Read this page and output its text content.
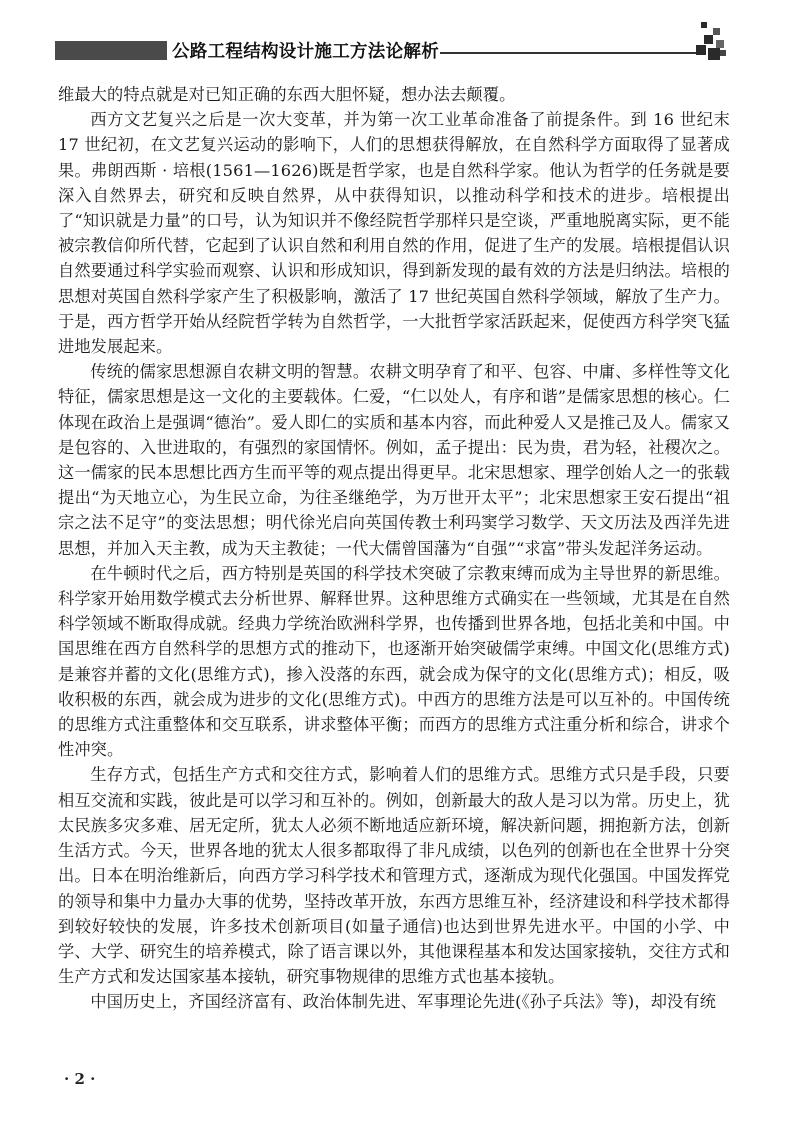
公路工程结构设计施工方法论解析

维最大的特点就是对已知正确的东西大胆怀疑，想办法去颠覆。

西方文艺复兴之后是一次大变革，并为第一次工业革命准备了前提条件。到 16 世纪末 17 世纪初，在文艺复兴运动的影响下，人们的思想获得解放，在自然科学方面取得了显著成果。弗朗西斯 · 培根(1561—1626)既是哲学家，也是自然科学家。他认为哲学的任务就是要深入自然界去，研究和反映自然界，从中获得知识，以推动科学和技术的进步。培根提出了“知识就是力量”的口号，认为知识并不像经院哲学那样只是空谈，严重地脱离实际，更不能被宗教信仰所代替，它起到了认识自然和利用自然的作用，促进了生产的发展。培根提倡认识自然要通过科学实验而观察、认识和形成知识，得到新发现的最有效的方法是归纳法。培根的思想对英国自然科学家产生了积极影响，激活了 17 世纪英国自然科学领域，解放了生产力。于是，西方哲学开始从经院哲学转为自然哲学，一大批哲学家活跃起来，促使西方科学突飞猛进地发展起来。

传统的儒家思想源自农耕文明的智慧。农耕文明孕育了和平、包容、中庸、多样性等文化特征，儒家思想是这一文化的主要载体。仁爱，“仁以处人，有序和谐”是儒家思想的核心。仁体现在政治上是强调“德治”。爱人即仁的实质和基本内容，而此种爱人又是推己及人。儒家又是包容的、入世进取的，有强烈的家国情怀。例如，孟子提出：民为贵，君为轻，社稷次之。这一儒家的民本思想比西方生而平等的观点提出得更早。北宋思想家、理学创始人之一的张载提出“为天地立心，为生民立命，为往圣继绝学，为万世开太平”；北宋思想家王安石提出“祖宗之法不足守”的变法思想；明代徐光启向英国传教士利玛窦学习数学、天文历法及西洋先进思想，并加入天主教，成为天主教徒；一代大儒曾国藩为“自强”“求富”带头发起洋务运动。

在牛顿时代之后，西方特别是英国的科学技术突破了宗教束缚而成为主导世界的新思维。科学家开始用数学模式去分析世界、解释世界。这种思维方式确实在一些领域，尤其是在自然科学领域不断取得成就。经典力学统治欧洲科学界，也传播到世界各地，包括北美和中国。中国思维在西方自然科学的思想方式的推动下，也逐渐开始突破儒学束缚。中国文化(思维方式)是兼容并蓄的文化(思维方式)，掺入没落的东西，就会成为保守的文化(思维方式)；相反，吸收积极的东西，就会成为进步的文化(思维方式)。中西方的思维方法是可以互补的。中国传统的思维方式注重整体和交互联系，讲求整体平衡；而西方的思维方式注重分析和综合，讲求个性冲突。

生存方式，包括生产方式和交往方式，影响着人们的思维方式。思维方式只是手段，只要相互交流和实践，彼此是可以学习和互补的。例如，创新最大的敌人是习以为常。历史上，犹太民族多灾多难、居无定所，犹太人必须不断地适应新环境，解决新问题，拥抱新方法，创新生活方式。今天，世界各地的犹太人很多都取得了非凡成绩，以色列的创新也在全世界十分突出。日本在明治维新后，向西方学习科学技术和管理方式，逐渐成为现代化强国。中国发挥党的领导和集中力量办大事的优势，坚持改革开放，东西方思维互补，经济建设和科学技术都得到较好较快的发展，许多技术创新项目(如量子通信)也达到世界先进水平。中国的小学、中学、大学、研究生的培养模式，除了语言课以外，其他课程基本和发达国家接轨，交往方式和生产方式和发达国家基本接轨，研究事物规律的思维方式也基本接轨。

中国历史上，齐国经济富有、政治体制先进、军事理论先进(《孙子兵法》等)，却没有统

· 2 ·
